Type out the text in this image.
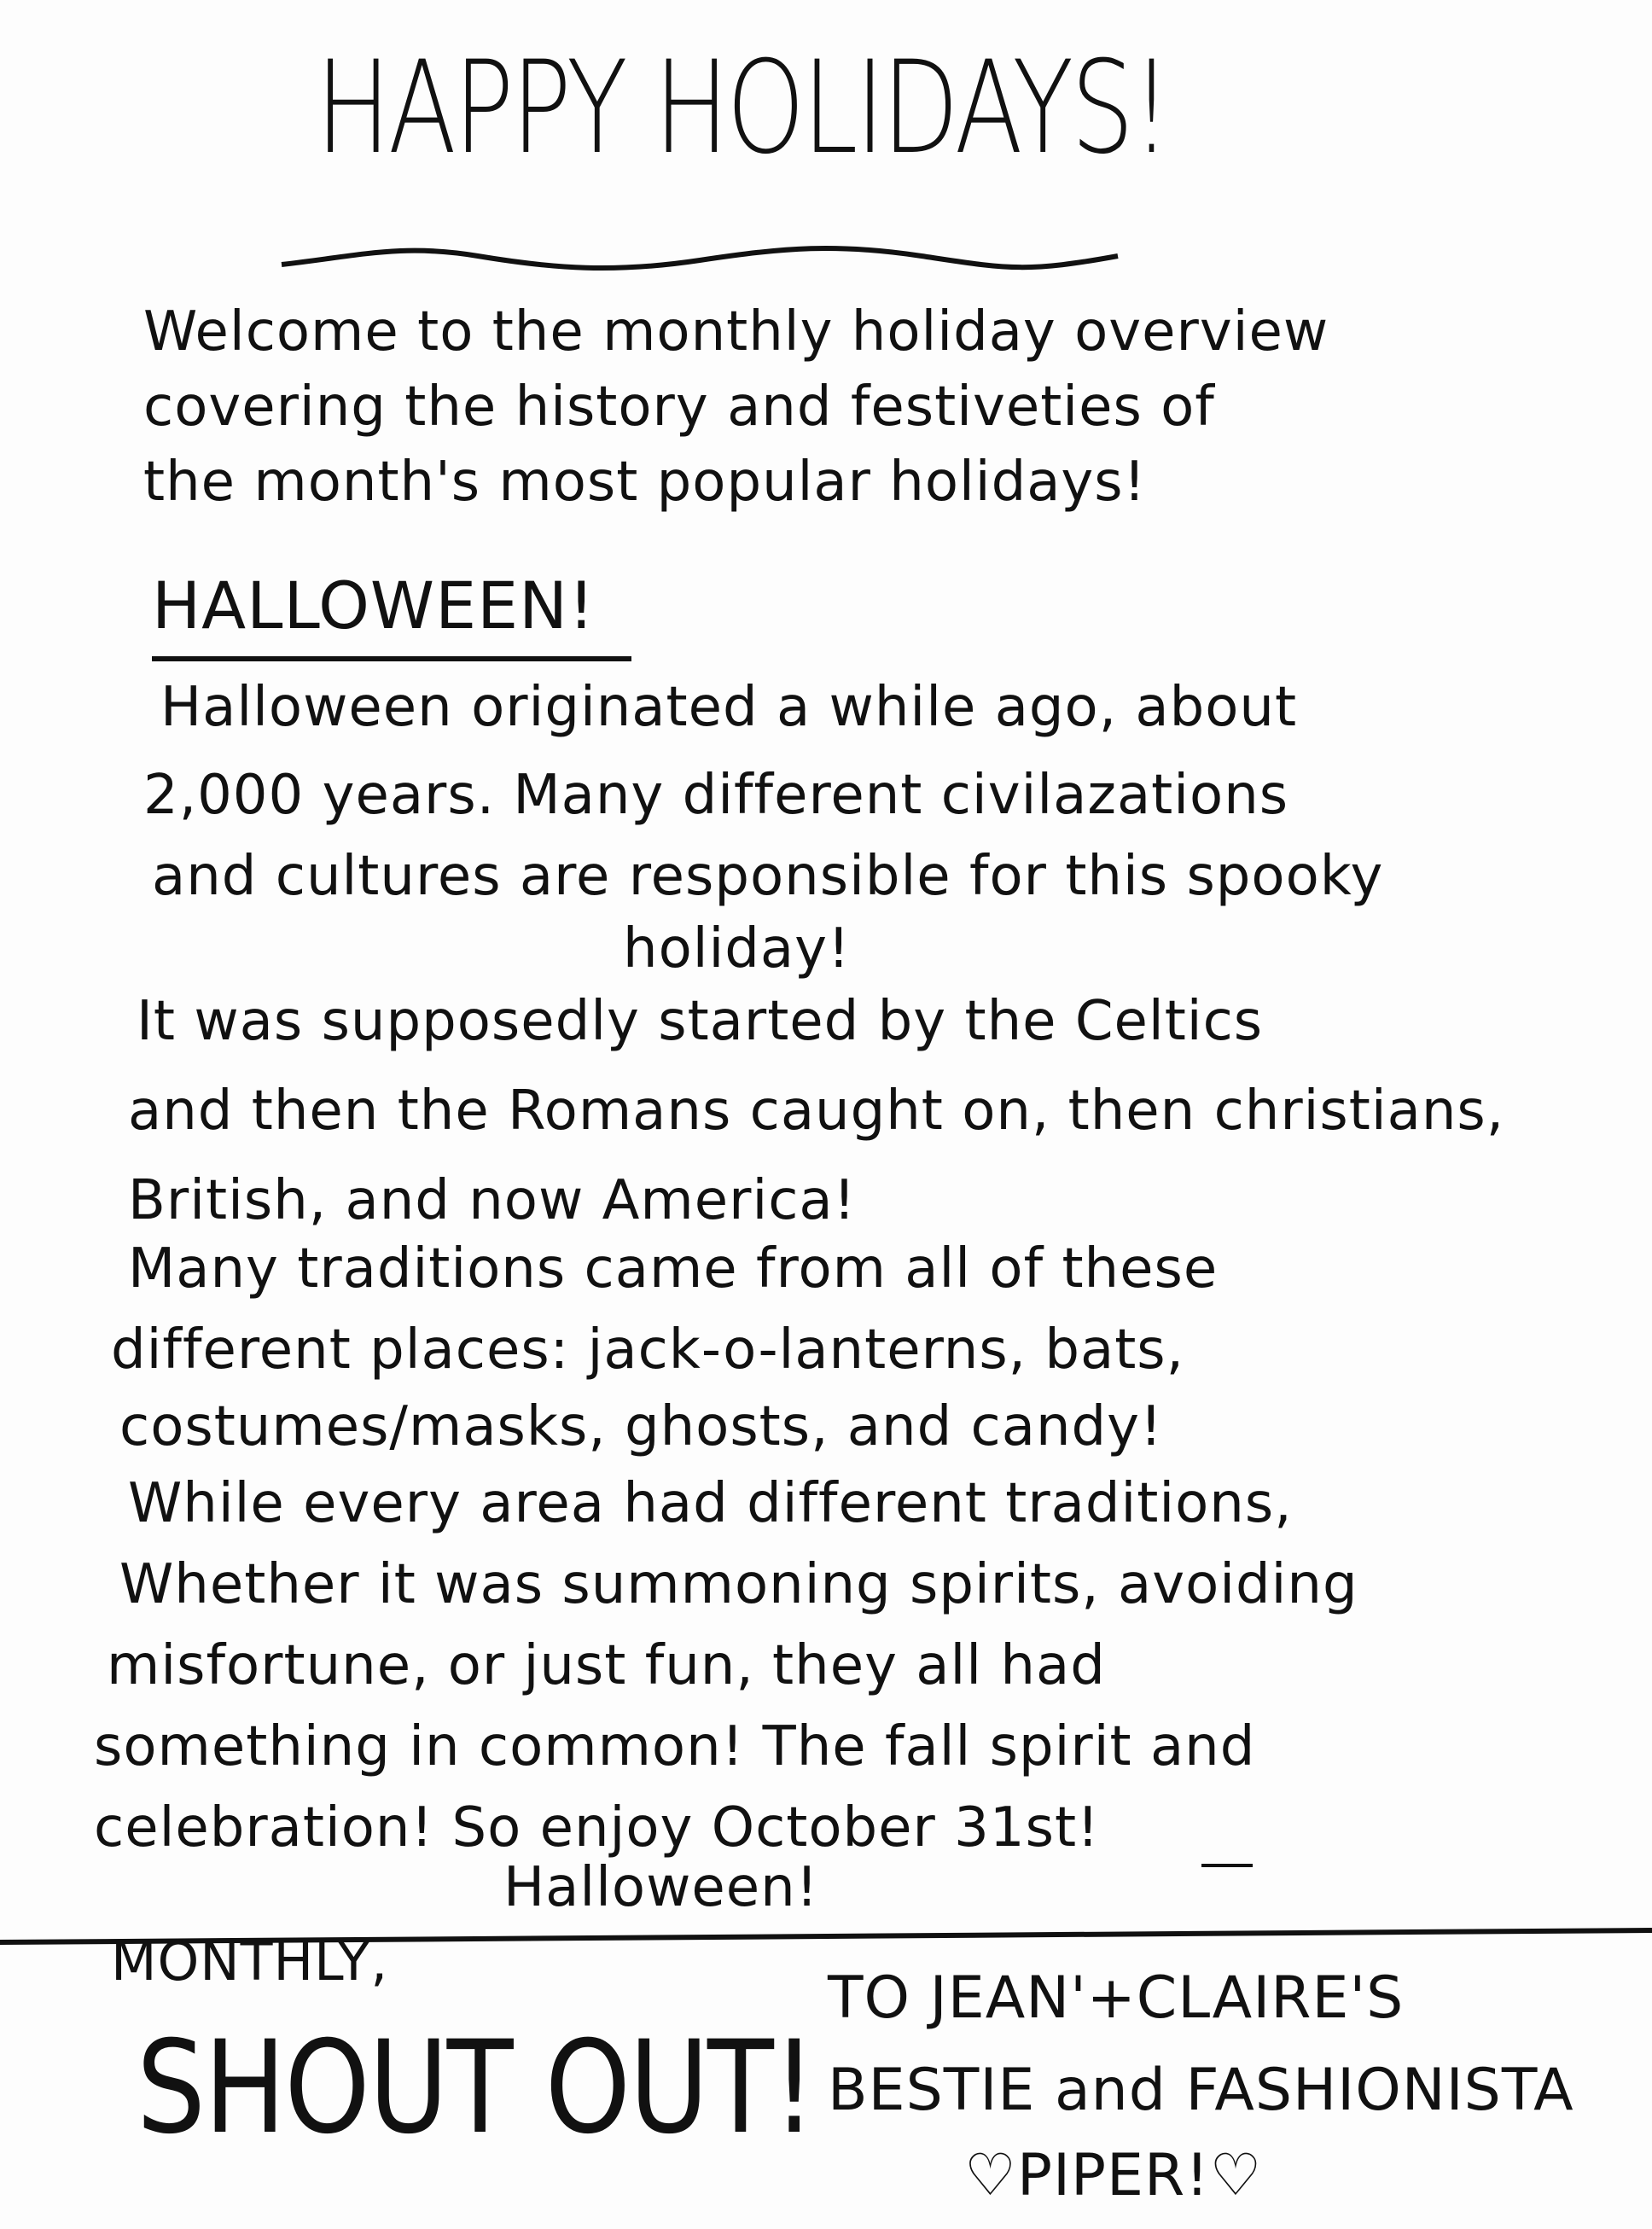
HAPPY HOLIDAYS!
Welcome to the monthly holiday overview
covering the history and festiveties of
the month's most popular holidays!
HALLOWEEN!
Halloween originated a while ago, about
2,000 years. Many different civilazations
and cultures are responsible for this spooky
holiday!
It was supposedly started by the Celtics
and then the Romans caught on, then christians,
British, and now America!
Many traditions came from all of these
different places: jack-o-lanterns, bats,
costumes/masks, ghosts, and candy!
While every area had different traditions,
Whether it was summoning spirits, avoiding
misfortune, or just fun, they all had
something in common! The fall spirit and
celebration! So enjoy October 31st!
Halloween!
MONTHLY,
SHOUT OUT!
TO JEAN'+CLAIRE'S
BESTIE and FASHIONISTA
♡PIPER!♡
